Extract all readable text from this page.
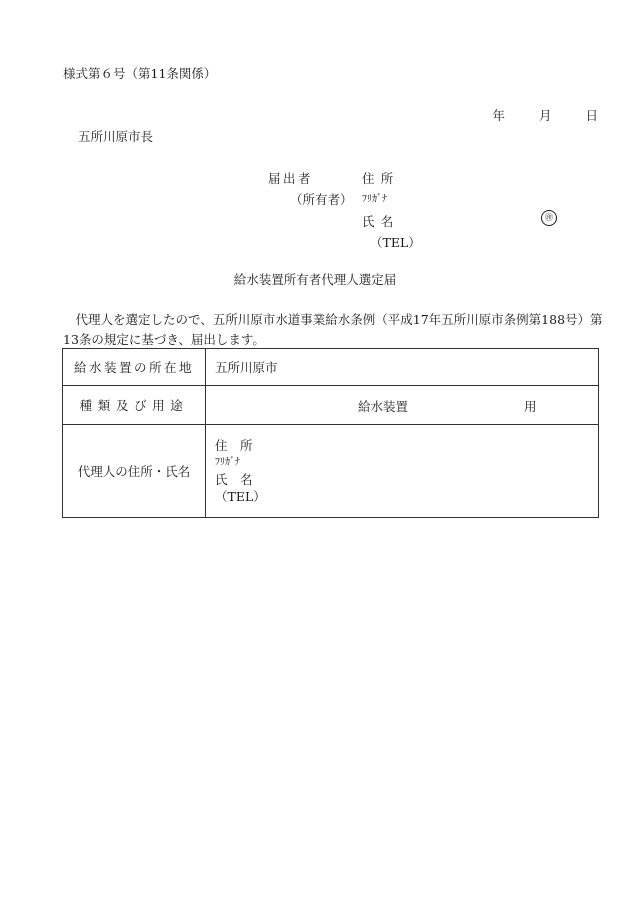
様式第６号（第11条関係）
年	月	日
五所川原市長
届出者
（所有者）
住所
ﾌﾘｶﾞﾅ
氏名	㊞
（TEL）
給水装置所有者代理人選定届
代理人を選定したので、五所川原市水道事業給水条例（平成17年五所川原市条例第188号）第13条の規定に基づき、届出します。
給水装置の所在地	五所川原市
種類及び用途	給水装置 用

代理人の住所・氏名	住　所
ﾌﾘｶﾞﾅ
氏　名
（TEL）
